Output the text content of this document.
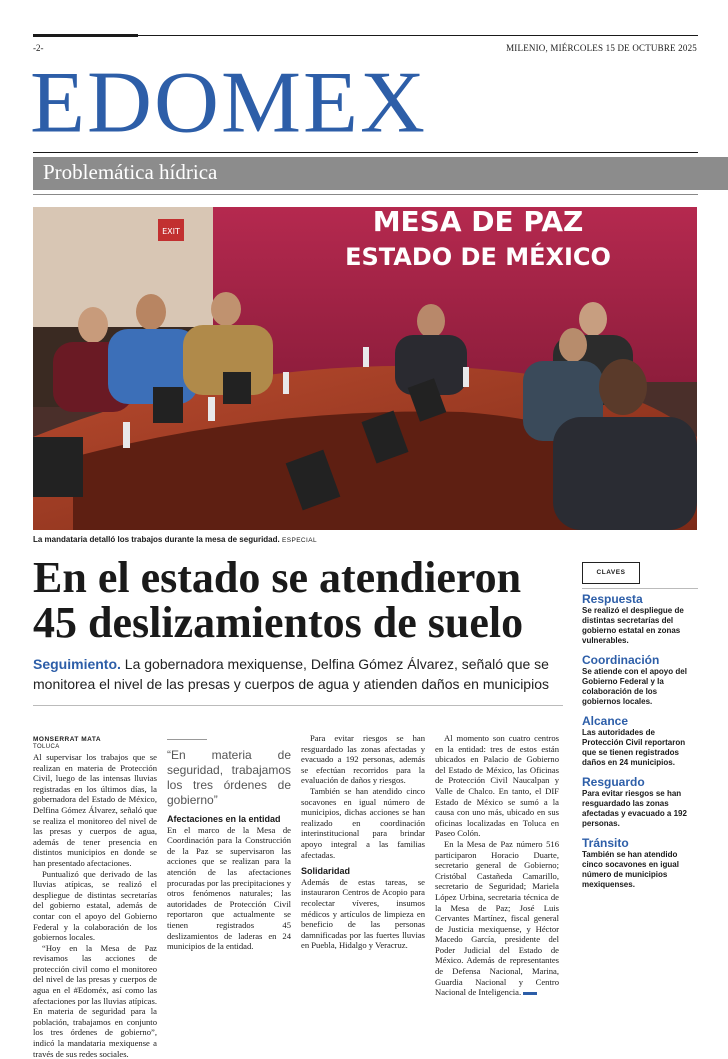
-2-	MILENIO, MIÉRCOLES 15 DE OCTUBRE 2025
EDOMEX
Problemática hídrica
EXIT	MESA DE PAZ
ESTADO DE MÉXICO
La mandataria detalló los trabajos durante la mesa de seguridad. ESPECIAL
En el estado se atendieron 45 deslizamientos de suelo
Seguimiento. La gobernadora mexiquense, Delfina Gómez Álvarez, señaló que se monitorea el nivel de las presas y cuerpos de agua y atienden daños en municipios
MONSERRAT MATA
TOLUCA

Al supervisar los trabajos que se realizan en materia de Protección Civil, luego de las intensas lluvias registradas en los últimos días, la gobernadora del Estado de México, Delfina Gómez Álvarez, señaló que se realiza el monitoreo del nivel de las presas y cuerpos de agua, además de tener presencia en distintos municipios en donde se han presentado afectaciones.

Puntualizó que derivado de las lluvias atípicas, se realizó el despliegue de distintas secretarías del gobierno estatal, además de contar con el apoyo del Gobierno Federal y la colaboración de los gobiernos locales.

“Hoy en la Mesa de Paz revisamos las acciones de protección civil como el monitoreo del nivel de las presas y cuerpos de agua en el #Edoméx, así como las afectaciones por las lluvias atípicas. En materia de seguridad para la población, trabajamos en conjunto los tres órdenes de gobierno”, indicó la mandataria mexiquense a través de sus redes sociales.

“En materia de seguridad, trabajamos los tres órdenes de gobierno”

Afectaciones en la entidad

En el marco de la Mesa de Coordinación para la Construcción de la Paz se supervisaron las acciones que se realizan para la atención de las afectaciones procuradas por las precipitaciones y otros fenómenos naturales; las autoridades de Protección Civil reportaron que actualmente se tienen registrados 45 deslizamientos de laderas en 24 municipios de la entidad.

Para evitar riesgos se han resguardado las zonas afectadas y evacuado a 192 personas, además se efectúan recorridos para la evaluación de daños y riesgos.

También se han atendido cinco socavones en igual número de municipios, dichas acciones se han realizado en coordinación interinstitucional para brindar apoyo integral a las familias afectadas.

Solidaridad

Además de estas tareas, se instauraron Centros de Acopio para recolectar víveres, insumos médicos y artículos de limpieza en beneficio de las personas damnificadas por las fuertes lluvias en Puebla, Hidalgo y Veracruz.

Al momento son cuatro centros en la entidad: tres de estos están ubicados en Palacio de Gobierno del Estado de México, las Oficinas de Protección Civil Naucalpan y Valle de Chalco. En tanto, el DIF Estado de México se sumó a la causa con uno más, ubicado en sus oficinas localizadas en Toluca en Paseo Colón.

En la Mesa de Paz número 516 participaron Horacio Duarte, secretario general de Gobierno; Cristóbal Castañeda Camarillo, secretario de Seguridad; Mariela López Urbina, secretaria técnica de la Mesa de Paz; José Luis Cervantes Martínez, fiscal general de Justicia mexiquense, y Héctor Macedo García, presidente del Poder Judicial del Estado de México. Además de representantes de Defensa Nacional, Marina, Guardia Nacional y Centro Nacional de Inteligencia.

CLAVES
Respuesta
Se realizó el despliegue de distintas secretarías del gobierno estatal en zonas vulnerables.
Coordinación
Se atiende con el apoyo del Gobierno Federal y la colaboración de los gobiernos locales.
Alcance
Las autoridades de Protección Civil reportaron que se tienen registrados daños en 24 municipios.
Resguardo
Para evitar riesgos se han resguardado las zonas afectadas y evacuado a 192 personas.
Tránsito
También se han atendido cinco socavones en igual número de municipios mexiquenses.
